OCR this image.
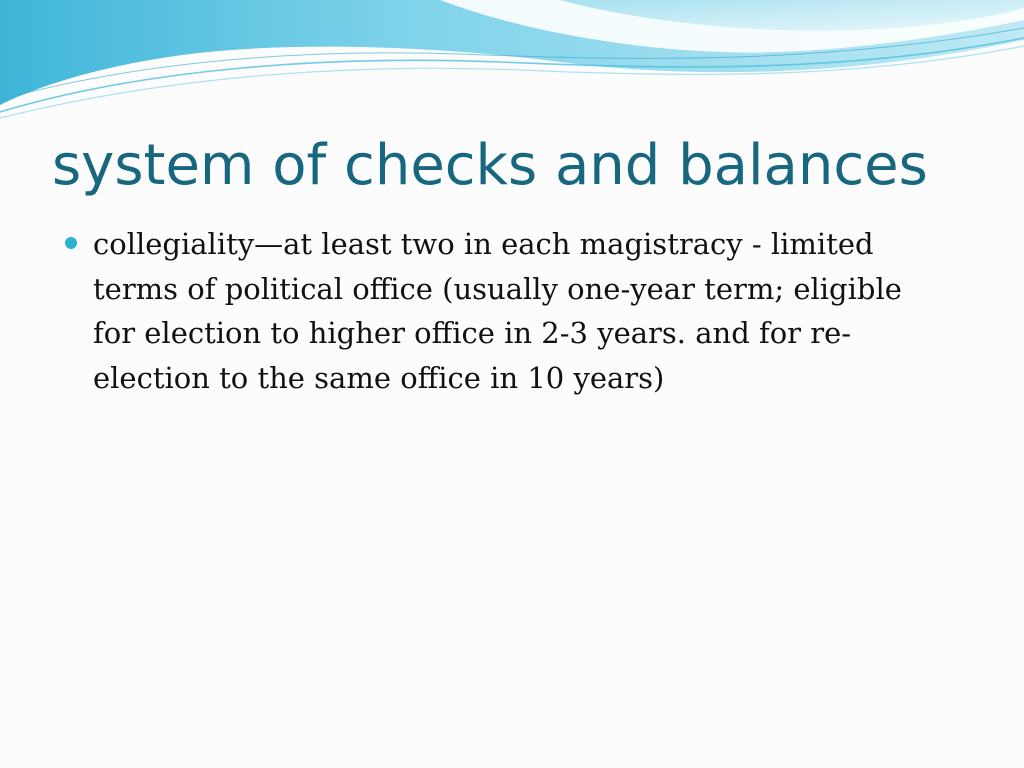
system of checks and balances
collegiality—at least two in each magistracy - limited
terms of political office (usually one-year term; eligible
for election to higher office in 2-3 years. and for re-
election to the same office in 10 years)
